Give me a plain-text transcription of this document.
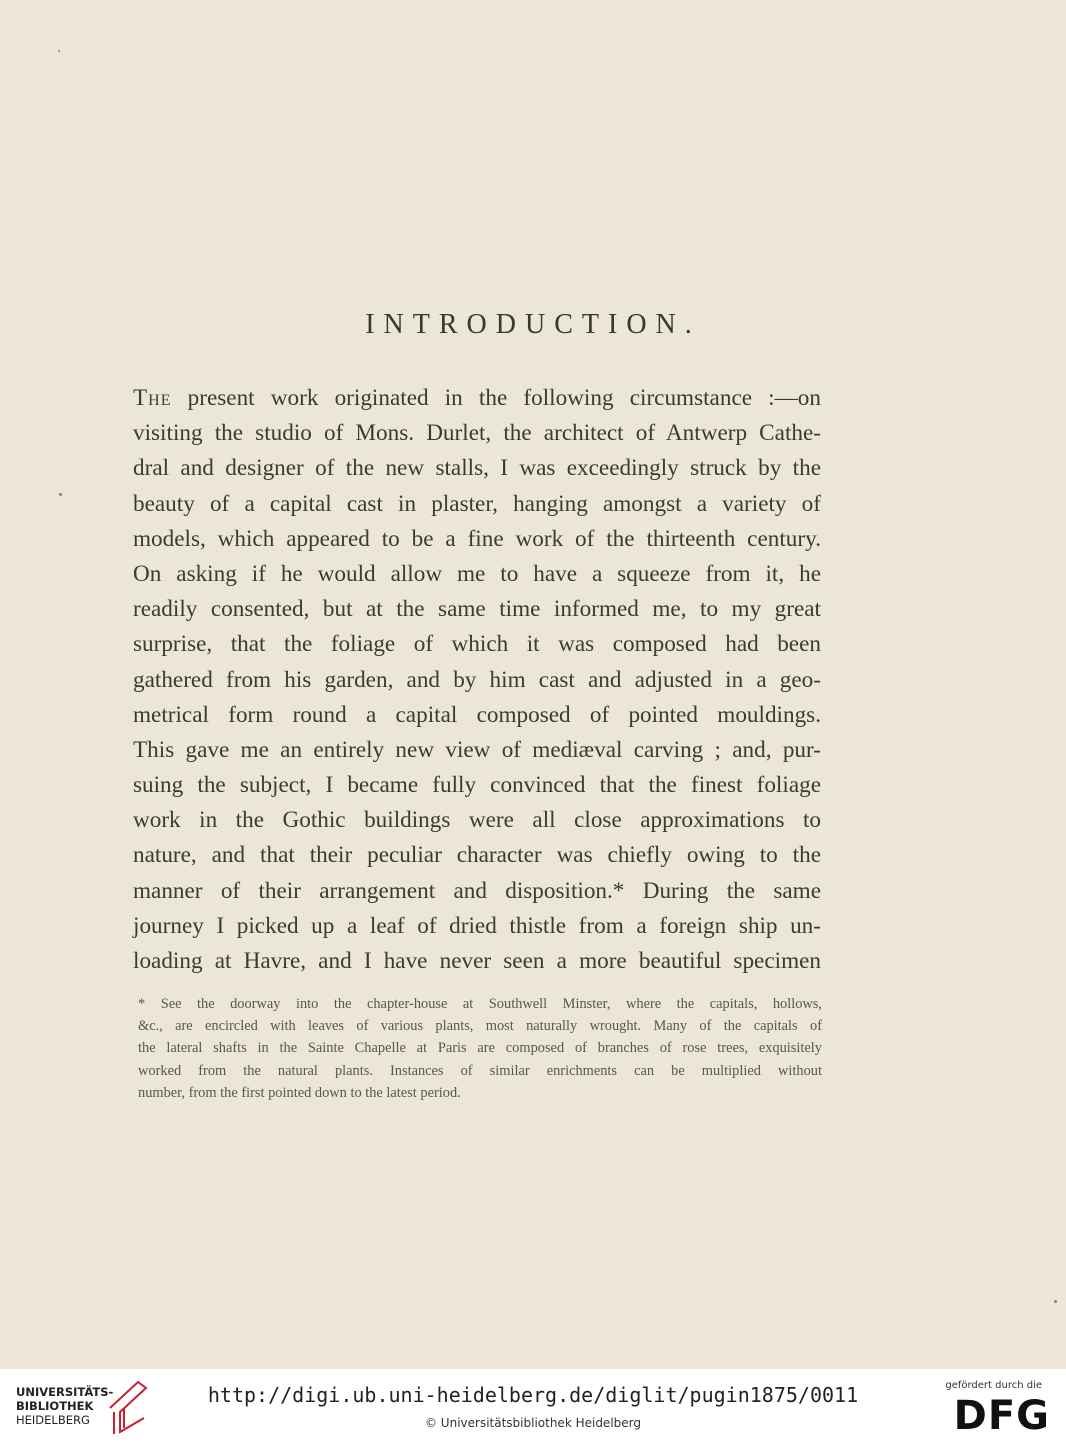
INTRODUCTION.
The present work originated in the following circumstance :—on
visiting the studio of Mons. Durlet, the architect of Antwerp Cathe-
dral and designer of the new stalls, I was exceedingly struck by the
beauty of a capital cast in plaster, hanging amongst a variety of
models, which appeared to be a fine work of the thirteenth century.
On asking if he would allow me to have a squeeze from it, he
readily consented, but at the same time informed me, to my great
surprise, that the foliage of which it was composed had been
gathered from his garden, and by him cast and adjusted in a geo-
metrical form round a capital composed of pointed mouldings.
This gave me an entirely new view of mediæval carving ; and, pur-
suing the subject, I became fully convinced that the finest foliage
work in the Gothic buildings were all close approximations to
nature, and that their peculiar character was chiefly owing to the
manner of their arrangement and disposition.* During the same
journey I picked up a leaf of dried thistle from a foreign ship un-
loading at Havre, and I have never seen a more beautiful specimen
* See the doorway into the chapter-house at Southwell Minster, where the capitals, hollows,
&c., are encircled with leaves of various plants, most naturally wrought. Many of the capitals of
the lateral shafts in the Sainte Chapelle at Paris are composed of branches of rose trees, exquisitely
worked from the natural plants. Instances of similar enrichments can be multiplied without
number, from the first pointed down to the latest period.
UNIVERSITÄTS-
BIBLIOTHEK
HEIDELBERG
http://digi.ub.uni-heidelberg.de/diglit/pugin1875/0011
© Universitätsbibliothek Heidelberg
gefördert durch die
DFG
